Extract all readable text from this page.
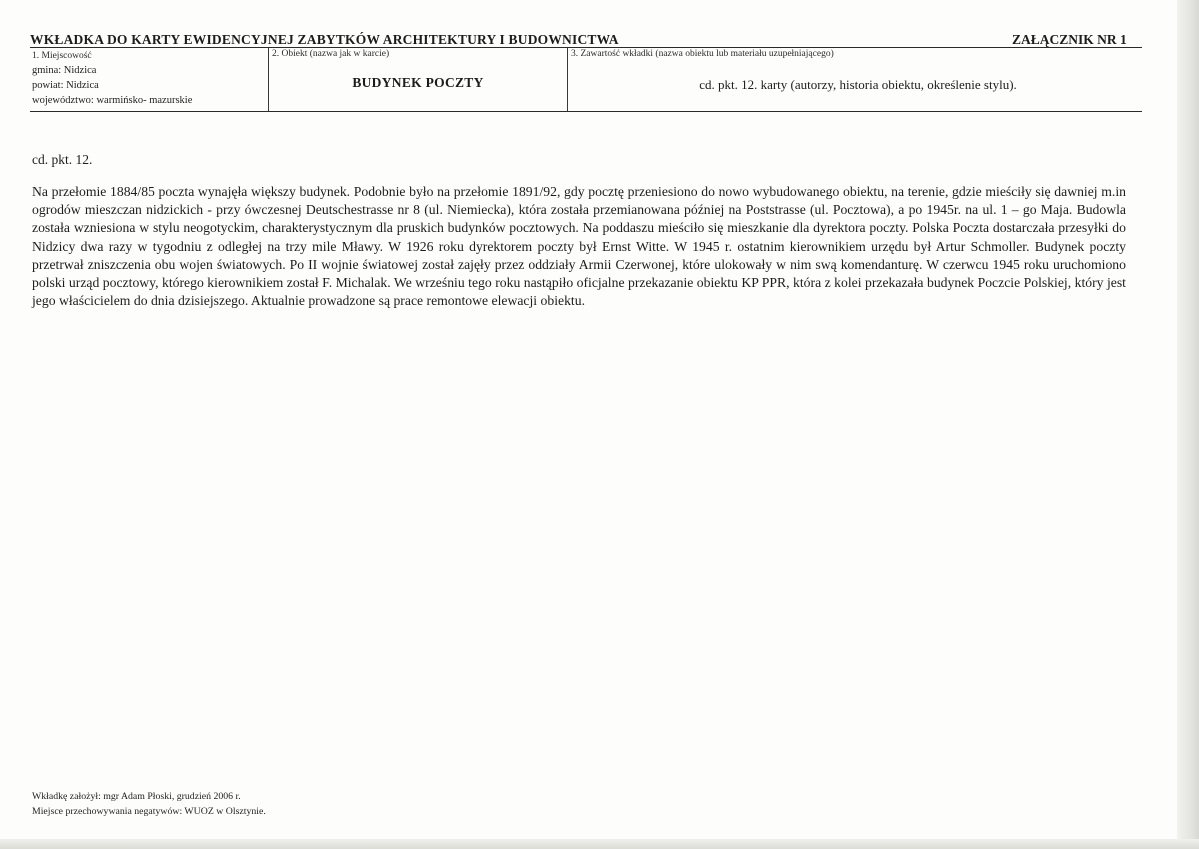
WKŁADKA DO KARTY EWIDENCYJNEJ ZABYTKÓW ARCHITEKTURY I BUDOWNICTWA	ZAŁĄCZNIK NR 1
1. Miejscowość
gmina: Nidzica
powiat: Nidzica
województwo: warmińsko- mazurskie
2. Obiekt (nazwa jak w karcie)
BUDYNEK POCZTY
3. Zawartość wkładki (nazwa obiektu lub materiału uzupełniającego)
cd. pkt. 12. karty (autorzy, historia obiektu, określenie stylu).
cd. pkt. 12.
Na przełomie 1884/85 poczta wynajęła większy budynek. Podobnie było na przełomie 1891/92, gdy pocztę przeniesiono do nowo wybudowanego obiektu, na terenie, gdzie mieściły się dawniej m.in ogrodów mieszczan nidzickich - przy ówczesnej Deutschestrasse nr 8 (ul. Niemiecka), która została przemianowana później na Poststrasse (ul. Pocztowa), a po 1945r. na ul. 1 – go Maja. Budowla została wzniesiona w stylu neogotyckim, charakterystycznym dla pruskich budynków pocztowych. Na poddaszu mieściło się mieszkanie dla dyrektora poczty. Polska Poczta dostarczała przesyłki do Nidzicy dwa razy w tygodniu z odległej na trzy mile Mławy. W 1926 roku dyrektorem poczty był Ernst Witte. W 1945 r. ostatnim kierownikiem urzędu był Artur Schmoller. Budynek poczty przetrwał zniszczenia obu wojen światowych. Po II wojnie światowej został zajęły przez oddziały Armii Czerwonej, które ulokowały w nim swą komendanturę. W czerwcu 1945 roku uruchomiono polski urząd pocztowy, którego kierownikiem został F. Michalak. We wrześniu tego roku nastąpiło oficjalne przekazanie obiektu KP PPR, która z kolei przekazała budynek Poczcie Polskiej, który jest jego właścicielem do dnia dzisiejszego. Aktualnie prowadzone są prace remontowe elewacji obiektu.
Wkładkę założył: mgr Adam Płoski, grudzień 2006 r.
Miejsce przechowywania negatywów: WUOZ w Olsztynie.
